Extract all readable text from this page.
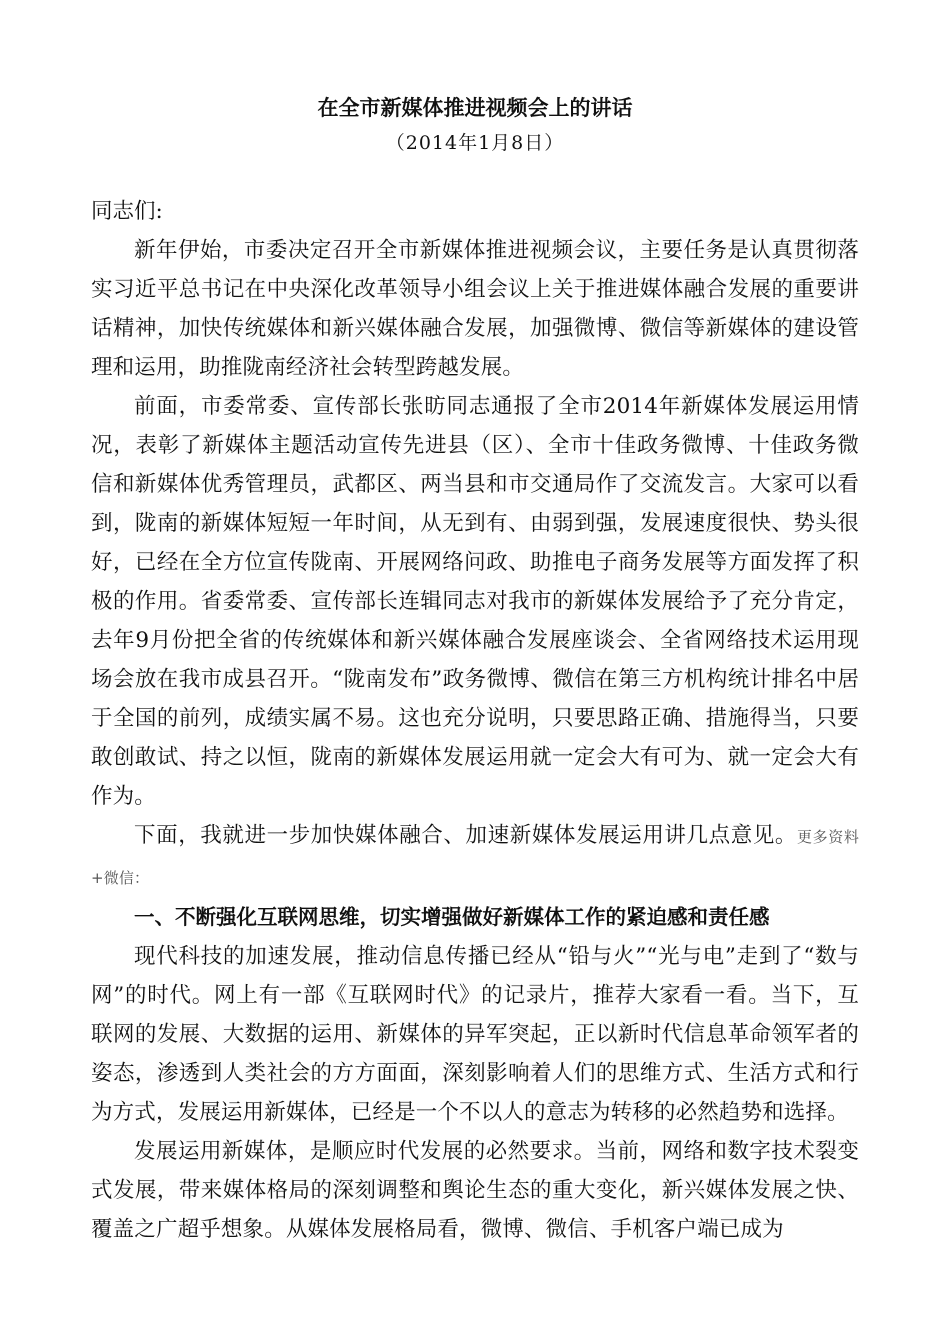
在全市新媒体推进视频会上的讲话
（2014年1月8日）

同志们:

新年伊始，市委决定召开全市新媒体推进视频会议，主要任务是认真贯彻落实习近平总书记在中央深化改革领导小组会议上关于推进媒体融合发展的重要讲话精神，加快传统媒体和新兴媒体融合发展，加强微博、微信等新媒体的建设管理和运用，助推陇南经济社会转型跨越发展。

前面，市委常委、宣传部长张昉同志通报了全市2014年新媒体发展运用情况，表彰了新媒体主题活动宣传先进县（区）、全市十佳政务微博、十佳政务微信和新媒体优秀管理员，武都区、两当县和市交通局作了交流发言。大家可以看到，陇南的新媒体短短一年时间，从无到有、由弱到强，发展速度很快、势头很好，已经在全方位宣传陇南、开展网络问政、助推电子商务发展等方面发挥了积极的作用。省委常委、宣传部长连辑同志对我市的新媒体发展给予了充分肯定，去年9月份把全省的传统媒体和新兴媒体融合发展座谈会、全省网络技术运用现场会放在我市成县召开。“陇南发布”政务微博、微信在第三方机构统计排名中居于全国的前列，成绩实属不易。这也充分说明，只要思路正确、措施得当，只要敢创敢试、持之以恒，陇南的新媒体发展运用就一定会大有可为、就一定会大有作为。

下面，我就进一步加快媒体融合、加速新媒体发展运用讲几点意见。更多资料+微信：

一、不断强化互联网思维，切实增强做好新媒体工作的紧迫感和责任感

现代科技的加速发展，推动信息传播已经从“铅与火”“光与电”走到了“数与网”的时代。网上有一部《互联网时代》的记录片，推荐大家看一看。当下，互联网的发展、大数据的运用、新媒体的异军突起，正以新时代信息革命领军者的姿态，渗透到人类社会的方方面面，深刻影响着人们的思维方式、生活方式和行为方式，发展运用新媒体，已经是一个不以人的意志为转移的必然趋势和选择。

发展运用新媒体，是顺应时代发展的必然要求。当前，网络和数字技术裂变式发展，带来媒体格局的深刻调整和舆论生态的重大变化，新兴媒体发展之快、覆盖之广超乎想象。从媒体发展格局看，微博、微信、手机客户端已成为
